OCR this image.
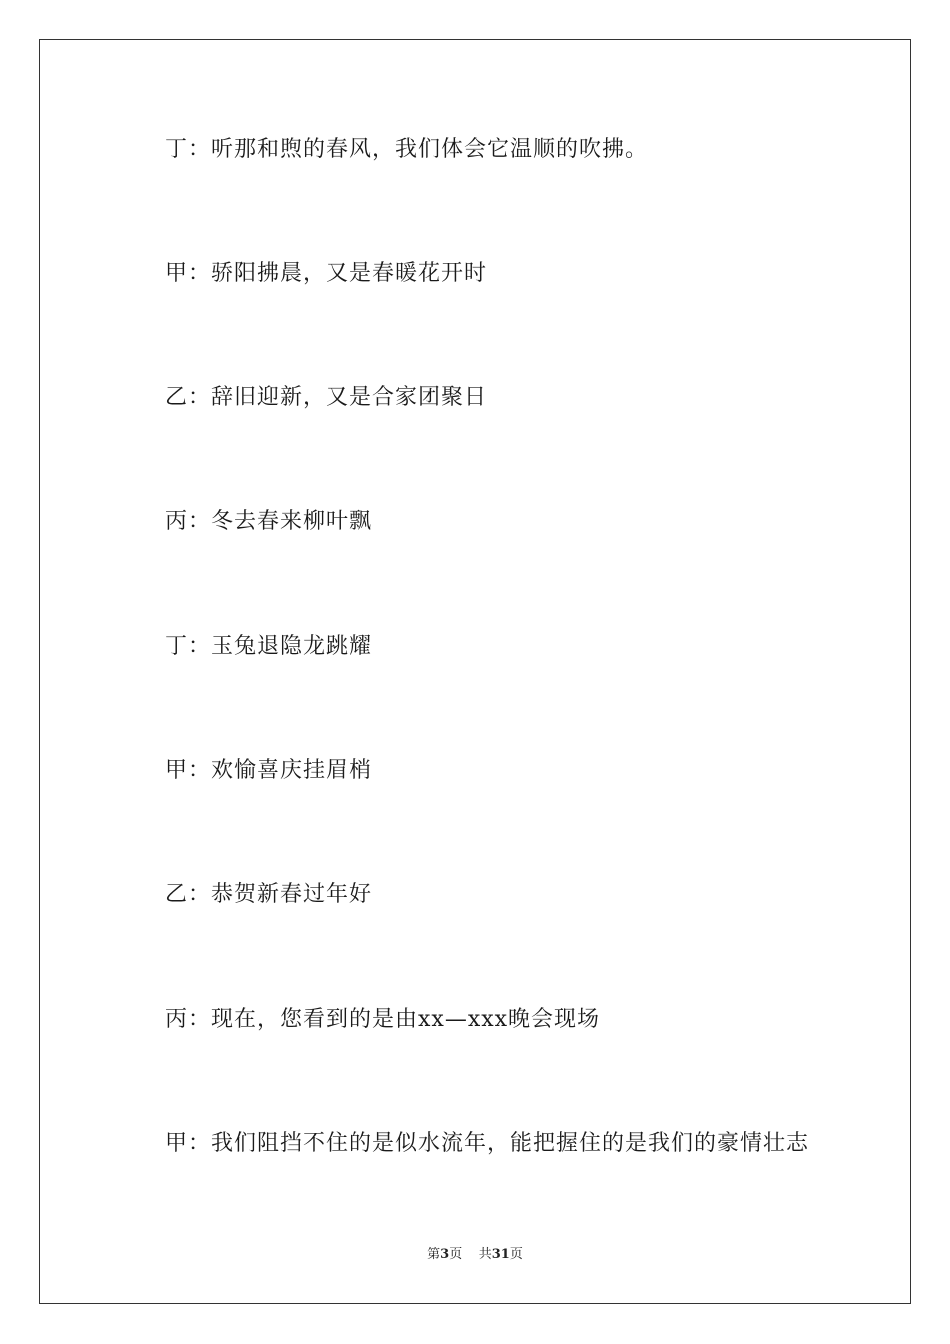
丁：听那和煦的春风，我们体会它温顺的吹拂。
甲：骄阳拂晨，又是春暖花开时
乙：辞旧迎新，又是合家团聚日
丙：冬去春来柳叶飘
丁：玉兔退隐龙跳耀
甲：欢愉喜庆挂眉梢
乙：恭贺新春过年好
丙：现在，您看到的是由xx—xxx晚会现场
甲：我们阻挡不住的是似水流年，能把握住的是我们的豪情壮志
第3页 共31页
